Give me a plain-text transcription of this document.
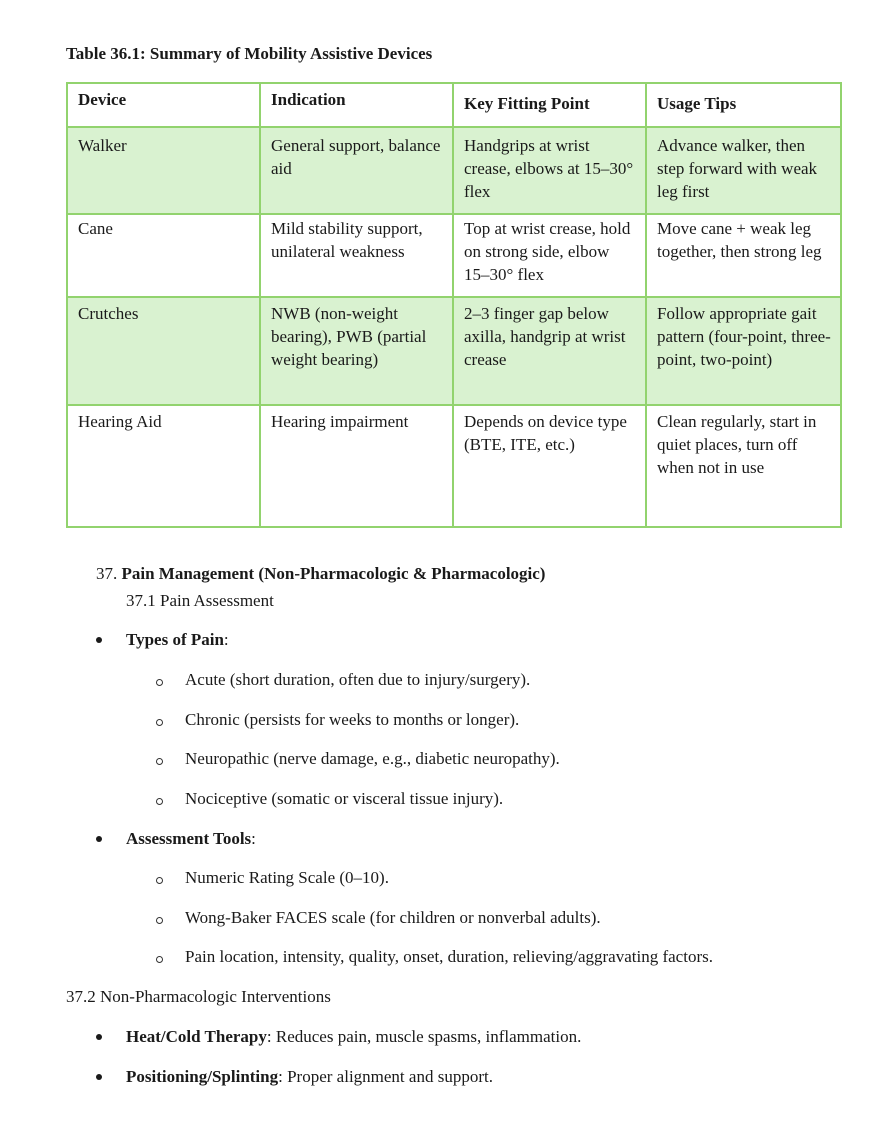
Table 36.1: Summary of Mobility Assistive Devices
Device	Indication	Key Fitting Point	Usage Tips
Walker	General support, balance aid	Handgrips at wrist crease, elbows at 15–30° flex	Advance walker, then step forward with weak leg first
Cane	Mild stability support, unilateral weakness	Top at wrist crease, hold on strong side, elbow 15–30° flex	Move cane + weak leg together, then strong leg
Crutches	NWB (non-weight bearing), PWB (partial weight bearing)	2–3 finger gap below axilla, handgrip at wrist crease	Follow appropriate gait pattern (four-point, three-point, two-point)
Hearing Aid	Hearing impairment	Depends on device type (BTE, ITE, etc.)	Clean regularly, start in quiet places, turn off when not in use
37. Pain Management (Non-Pharmacologic & Pharmacologic)
37.1 Pain Assessment
Types of Pain:
Acute (short duration, often due to injury/surgery).
Chronic (persists for weeks to months or longer).
Neuropathic (nerve damage, e.g., diabetic neuropathy).
Nociceptive (somatic or visceral tissue injury).
Assessment Tools:
Numeric Rating Scale (0–10).
Wong-Baker FACES scale (for children or nonverbal adults).
Pain location, intensity, quality, onset, duration, relieving/aggravating factors.
37.2 Non-Pharmacologic Interventions
Heat/Cold Therapy: Reduces pain, muscle spasms, inflammation.
Positioning/Splinting: Proper alignment and support.
